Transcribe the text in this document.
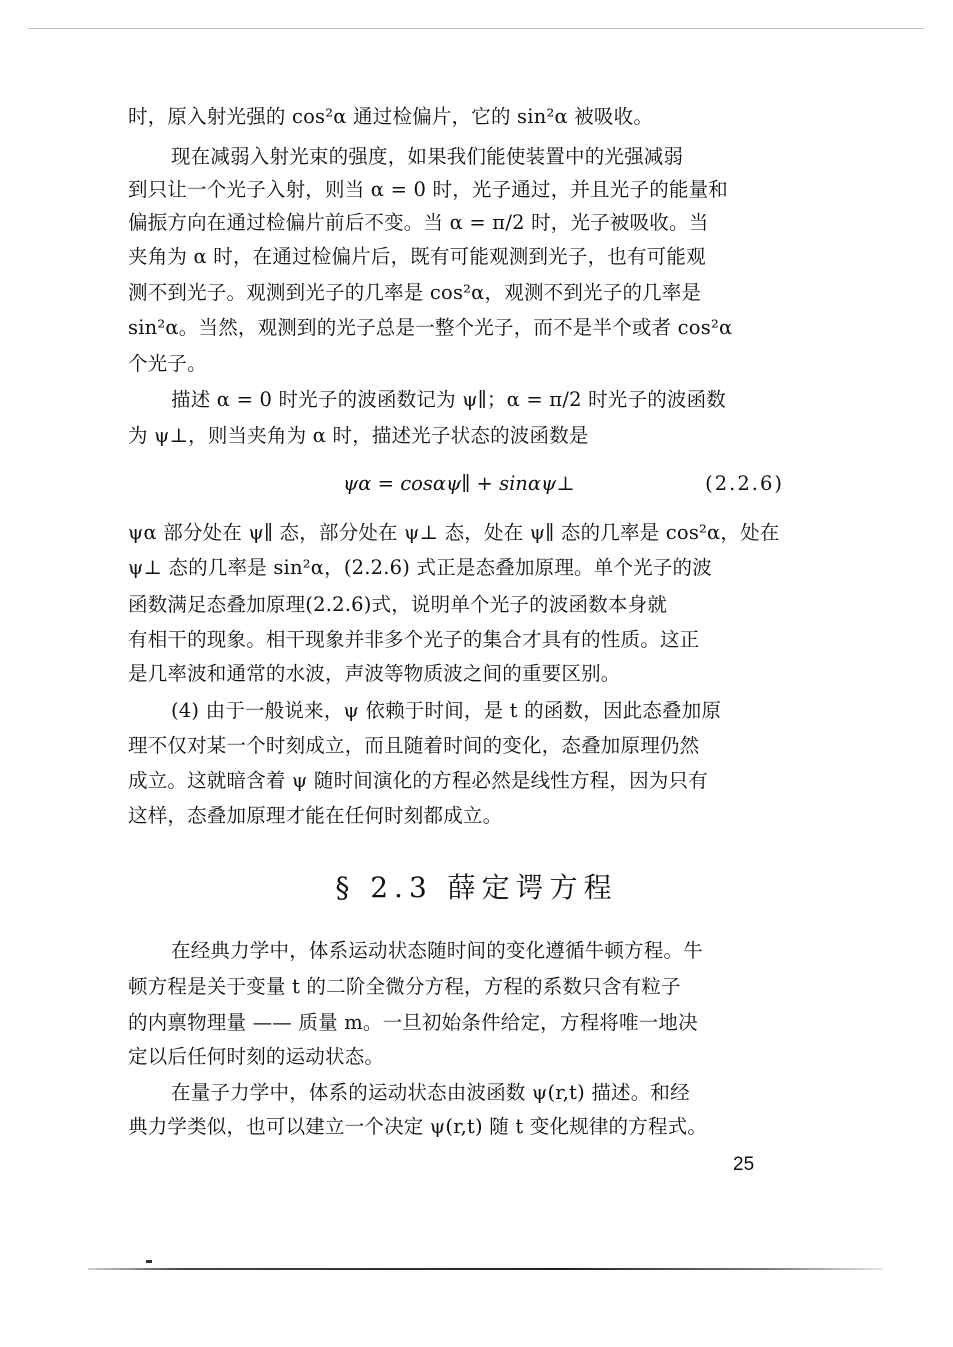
时，原入射光强的 cos²α 通过检偏片，它的 sin²α 被吸收。
现在减弱入射光束的强度，如果我们能使装置中的光强减弱
到只让一个光子入射，则当 α = 0 时，光子通过，并且光子的能量和
偏振方向在通过检偏片前后不变。当 α = π/2 时，光子被吸收。当
夹角为 α 时，在通过检偏片后，既有可能观测到光子，也有可能观
测不到光子。观测到光子的几率是 cos²α，观测不到光子的几率是
sin²α。当然，观测到的光子总是一整个光子，而不是半个或者 cos²α
个光子。
描述 α = 0 时光子的波函数记为 ψ∥；α = π/2 时光子的波函数
为 ψ⊥，则当夹角为 α 时，描述光子状态的波函数是
ψα = cosαψ∥ + sinαψ⊥	(2.2.6)
ψα 部分处在 ψ∥ 态，部分处在 ψ⊥ 态，处在 ψ∥ 态的几率是 cos²α，处在
ψ⊥ 态的几率是 sin²α，(2.2.6) 式正是态叠加原理。单个光子的波
函数满足态叠加原理(2.2.6)式，说明单个光子的波函数本身就
有相干的现象。相干现象并非多个光子的集合才具有的性质。这正
是几率波和通常的水波，声波等物质波之间的重要区别。
(4) 由于一般说来，ψ 依赖于时间，是 t 的函数，因此态叠加原
理不仅对某一个时刻成立，而且随着时间的变化，态叠加原理仍然
成立。这就暗含着 ψ 随时间演化的方程必然是线性方程，因为只有
这样，态叠加原理才能在任何时刻都成立。
在经典力学中，体系运动状态随时间的变化遵循牛顿方程。牛
顿方程是关于变量 t 的二阶全微分方程，方程的系数只含有粒子
的内禀物理量 —— 质量 m。一旦初始条件给定，方程将唯一地决
定以后任何时刻的运动状态。
在量子力学中，体系的运动状态由波函数 ψ(r,t) 描述。和经
典力学类似，也可以建立一个决定 ψ(r,t) 随 t 变化规律的方程式。
§ 2.3 薛定谔方程
25
